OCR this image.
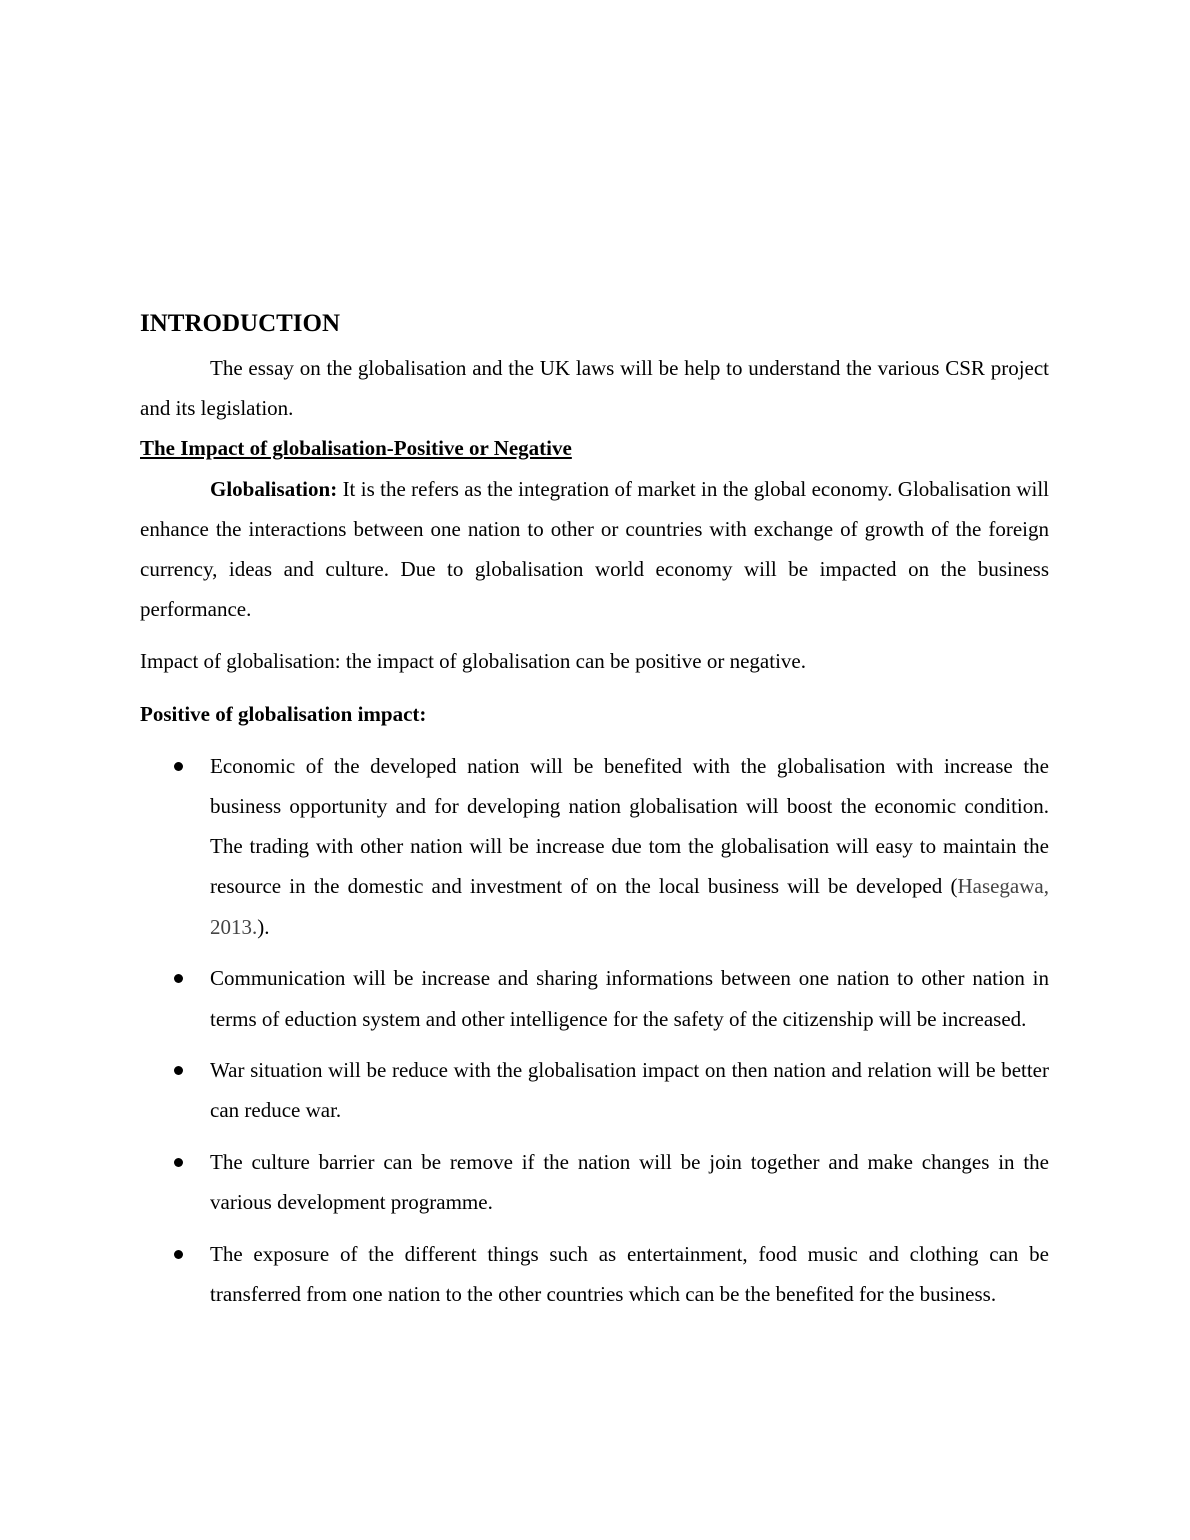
INTRODUCTION

The essay on the globalisation and the UK laws will be help to understand the various CSR project and its legislation.

The Impact of globalisation-Positive or Negative

Globalisation: It is the refers as the integration of market in the global economy. Globalisation will enhance the interactions between one nation to other or countries with exchange of growth of the foreign currency, ideas and culture. Due to globalisation world economy will be impacted on the business performance.

Impact of globalisation: the impact of globalisation can be positive or negative.

Positive of globalisation impact:

Economic of the developed nation will be benefited with the globalisation with increase the business opportunity and for developing nation globalisation will boost the economic condition. The trading with other nation will be increase due tom the globalisation will easy to maintain the resource in the domestic and investment of on the local business will be developed (Hasegawa, 2013.).
Communication will be increase and sharing informations between one nation to other nation in terms of eduction system and other intelligence for the safety of the citizenship will be increased.
War situation will be reduce with the globalisation impact on then nation and relation will be better can reduce war.
The culture barrier can be remove if the nation will be join together and make changes in the various development programme.
The exposure of the different things such as entertainment, food music and clothing can be transferred from one nation to the other countries which can be the benefited for the business.
